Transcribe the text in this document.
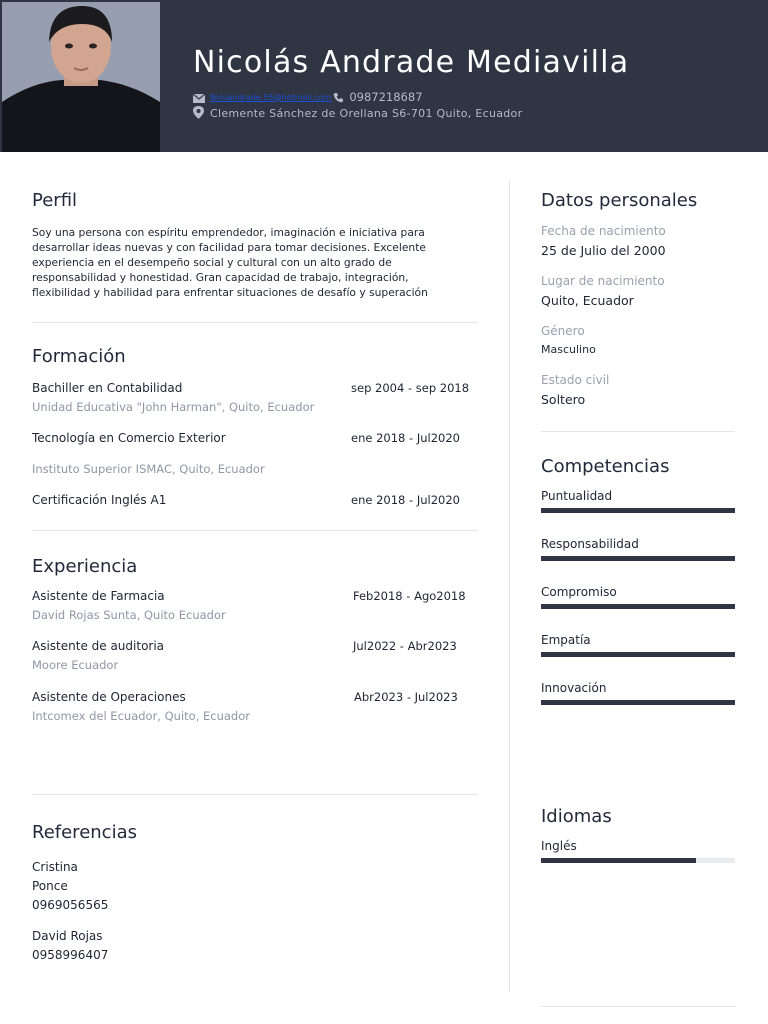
Nicolás Andrade Mediavilla
Nicoandrade.55@hotmail.com 0987218687
Clemente Sánchez de Orellana S6-701 Quito, Ecuador
Perfil
Soy una persona con espíritu emprendedor, imaginación e iniciativa para
desarrollar ideas nuevas y con facilidad para tomar decisiones. Excelente
experiencia en el desempeño social y cultural con un alto grado de
responsabilidad y honestidad. Gran capacidad de trabajo, integración,
flexibilidad y habilidad para enfrentar situaciones de desafío y superación
Formación
Bachiller en Contabilidad	sep 2004 - sep 2018
Unidad Educativa "John Harman", Quito, Ecuador
Tecnología en Comercio Exterior	ene 2018 - Jul2020
Instituto Superior ISMAC, Quito, Ecuador
Certificación Inglés A1	ene 2018 - Jul2020
Experiencia
Asistente de Farmacia	Feb2018 - Ago2018
David Rojas Sunta, Quito Ecuador
Asistente de auditoria	Jul2022 - Abr2023
Moore Ecuador
Asistente de Operaciones	Abr2023 - Jul2023
Intcomex del Ecuador, Quito, Ecuador
Referencias
Cristina
Ponce
0969056565
David Rojas
0958996407
Datos personales
Fecha de nacimiento
25 de Julio del 2000
Lugar de nacimiento
Quito, Ecuador
Género
Masculino
Estado civil
Soltero
Competencias
Puntualidad
Responsabilidad
Compromiso
Empatía
Innovación
Idiomas
Inglés
